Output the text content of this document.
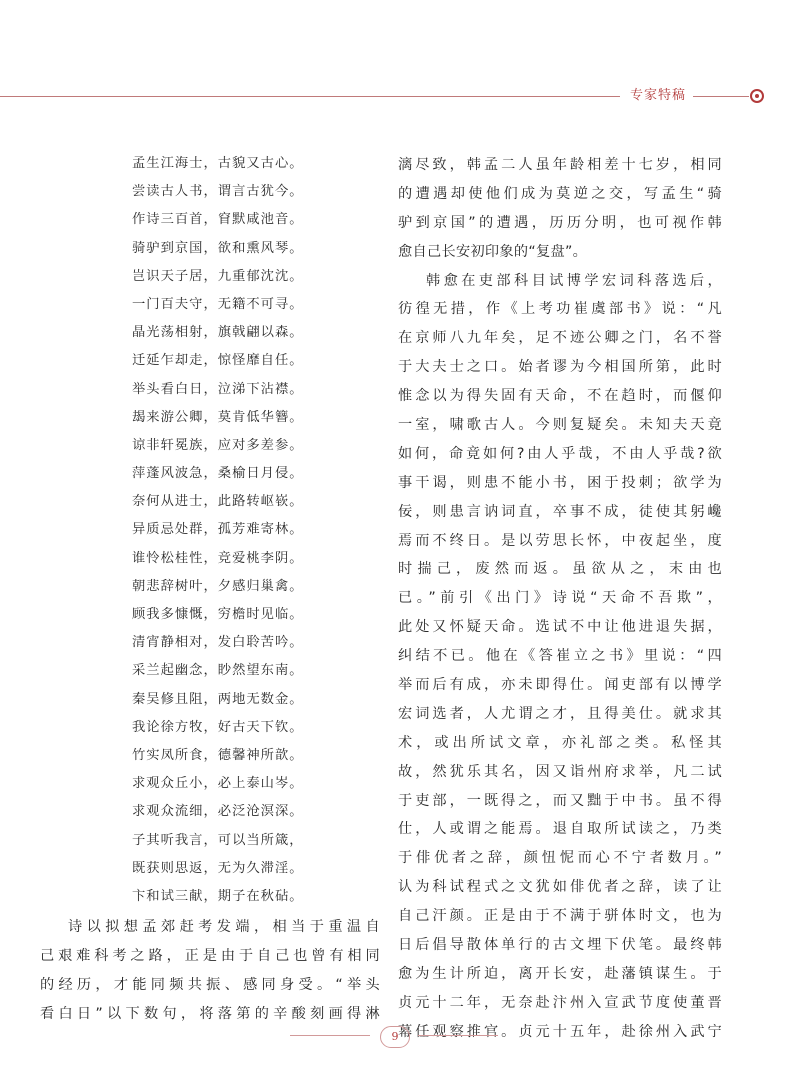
专家特稿
孟生江海士，古貌又古心。
尝读古人书，谓言古犹今。
作诗三百首，窅默咸池音。
骑驴到京国，欲和熏风琴。
岂识天子居，九重郁沈沈。
一门百夫守，无籍不可寻。
晶光荡相射，旗戟翩以森。
迁延乍却走，惊怪靡自任。
举头看白日，泣涕下沾襟。
朅来游公卿，莫肯低华簪。
谅非轩冕族，应对多差参。
萍蓬风波急，桑榆日月侵。
奈何从进士，此路转岖嵚。
异质忌处群，孤芳难寄林。
谁怜松桂性，竞爱桃李阴。
朝悲辞树叶，夕感归巢禽。
顾我多慷慨，穷檐时见临。
清宵静相对，发白聆苦吟。
采兰起幽念，眇然望东南。
秦吴修且阻，两地无数金。
我论徐方牧，好古天下钦。
竹实凤所食，德馨神所歆。
求观众丘小，必上泰山岑。
求观众流细，必泛沧溟深。
子其听我言，可以当所箴，
既获则思返，无为久滞淫。
卞和试三献，期子在秋砧。
诗以拟想孟郊赶考发端，相当于重温自
己艰难科考之路，正是由于自己也曾有相同
的经历，才能同频共振、感同身受。“举头
看白日”以下数句，将落第的辛酸刻画得淋
漓尽致，韩孟二人虽年龄相差十七岁，相同
的遭遇却使他们成为莫逆之交，写孟生“骑
驴到京国”的遭遇，历历分明，也可视作韩
愈自己长安初印象的“复盘”。
韩愈在吏部科目试博学宏词科落选后，
彷徨无措，作《上考功崔虞部书》说：“凡
在京师八九年矣，足不迹公卿之门，名不誉
于大夫士之口。始者谬为今相国所第，此时
惟念以为得失固有天命，不在趋时，而偃仰
一室，啸歌古人。今则复疑矣。未知夫天竟
如何，命竟如何?由人乎哉，不由人乎哉?欲
事干谒，则患不能小书，困于投刺；欲学为
佞，则患言讷词直，卒事不成，徒使其躬巉
焉而不终日。是以劳思长怀，中夜起坐，度
时揣己，废然而返。虽欲从之，末由也
已。”前引《出门》诗说“天命不吾欺”，
此处又怀疑天命。选试不中让他进退失据，
纠结不已。他在《答崔立之书》里说：“四
举而后有成，亦未即得仕。闻吏部有以博学
宏词选者，人尤谓之才，且得美仕。就求其
术，或出所试文章，亦礼部之类。私怪其
故，然犹乐其名，因又诣州府求举，凡二试
于吏部，一既得之，而又黜于中书。虽不得
仕，人或谓之能焉。退自取所试读之，乃类
于俳优者之辞，颜忸怩而心不宁者数月。”
认为科试程式之文犹如俳优者之辞，读了让
自己汗颜。正是由于不满于骈体时文，也为
日后倡导散体单行的古文埋下伏笔。最终韩
愈为生计所迫，离开长安，赴藩镇谋生。于
贞元十二年，无奈赴汴州入宣武节度使董晋
幕任观察推官。贞元十五年，赴徐州入武宁
9
